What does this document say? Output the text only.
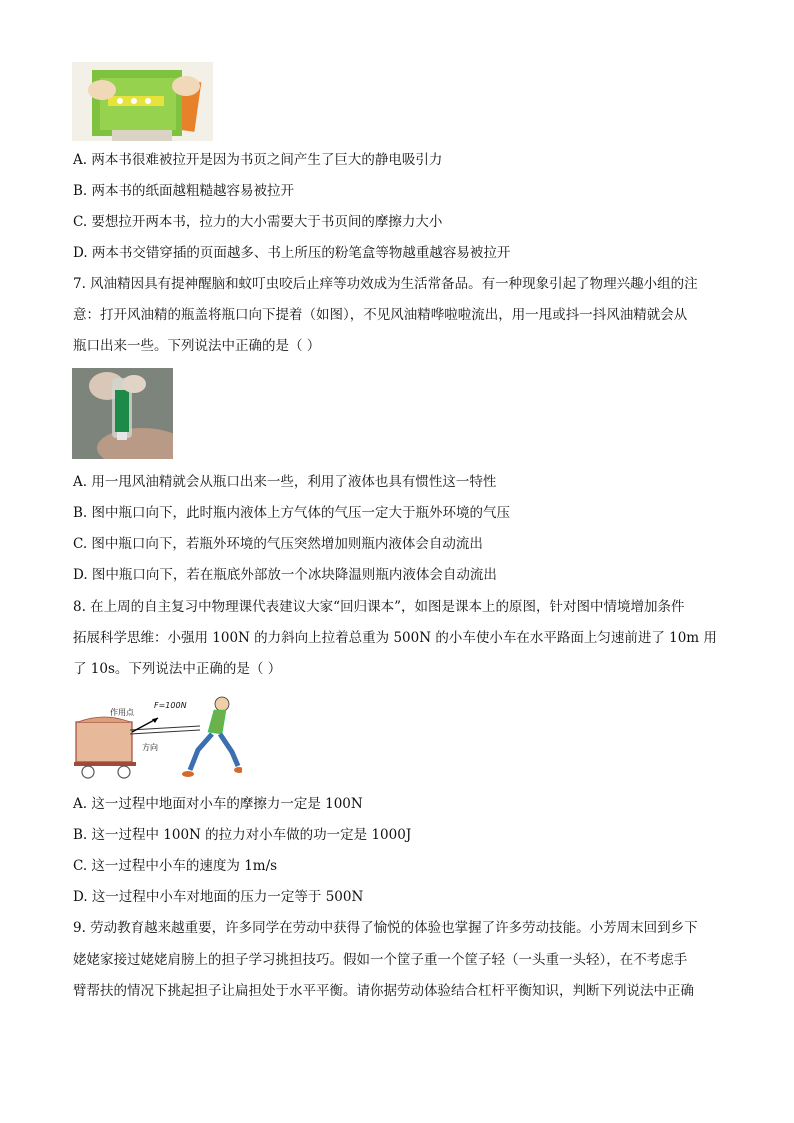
A. 两本书很难被拉开是因为书页之间产生了巨大的静电吸引力
B. 两本书的纸面越粗糙越容易被拉开
C. 要想拉开两本书，拉力的大小需要大于书页间的摩擦力大小
D. 两本书交错穿插的页面越多、书上所压的粉笔盒等物越重越容易被拉开
7. 风油精因具有提神醒脑和蚊叮虫咬后止痒等功效成为生活常备品。有一种现象引起了物理兴趣小组的注
意：打开风油精的瓶盖将瓶口向下提着（如图），不见风油精哗啦啦流出，用一甩或抖一抖风油精就会从
瓶口出来一些。下列说法中正确的是（ ）
A. 用一甩风油精就会从瓶口出来一些，利用了液体也具有惯性这一特性
B. 图中瓶口向下，此时瓶内液体上方气体的气压一定大于瓶外环境的气压
C. 图中瓶口向下，若瓶外环境的气压突然增加则瓶内液体会自动流出
D. 图中瓶口向下，若在瓶底外部放一个冰块降温则瓶内液体会自动流出
8. 在上周的自主复习中物理课代表建议大家“回归课本”，如图是课本上的原图，针对图中情境增加条件
拓展科学思维：小强用 100N 的力斜向上拉着总重为 500N 的小车使小车在水平路面上匀速前进了 10m 用
了 10s。下列说法中正确的是（ ）
作用点
F=100N
方向
A. 这一过程中地面对小车的摩擦力一定是 100N
B. 这一过程中 100N 的拉力对小车做的功一定是 1000J
C. 这一过程中小车的速度为 1m/s
D. 这一过程中小车对地面的压力一定等于 500N
9. 劳动教育越来越重要，许多同学在劳动中获得了愉悦的体验也掌握了许多劳动技能。小芳周末回到乡下
姥姥家接过姥姥肩膀上的担子学习挑担技巧。假如一个筐子重一个筐子轻（一头重一头轻），在不考虑手
臂帮扶的情况下挑起担子让扁担处于水平平衡。请你据劳动体验结合杠杆平衡知识，判断下列说法中正确
